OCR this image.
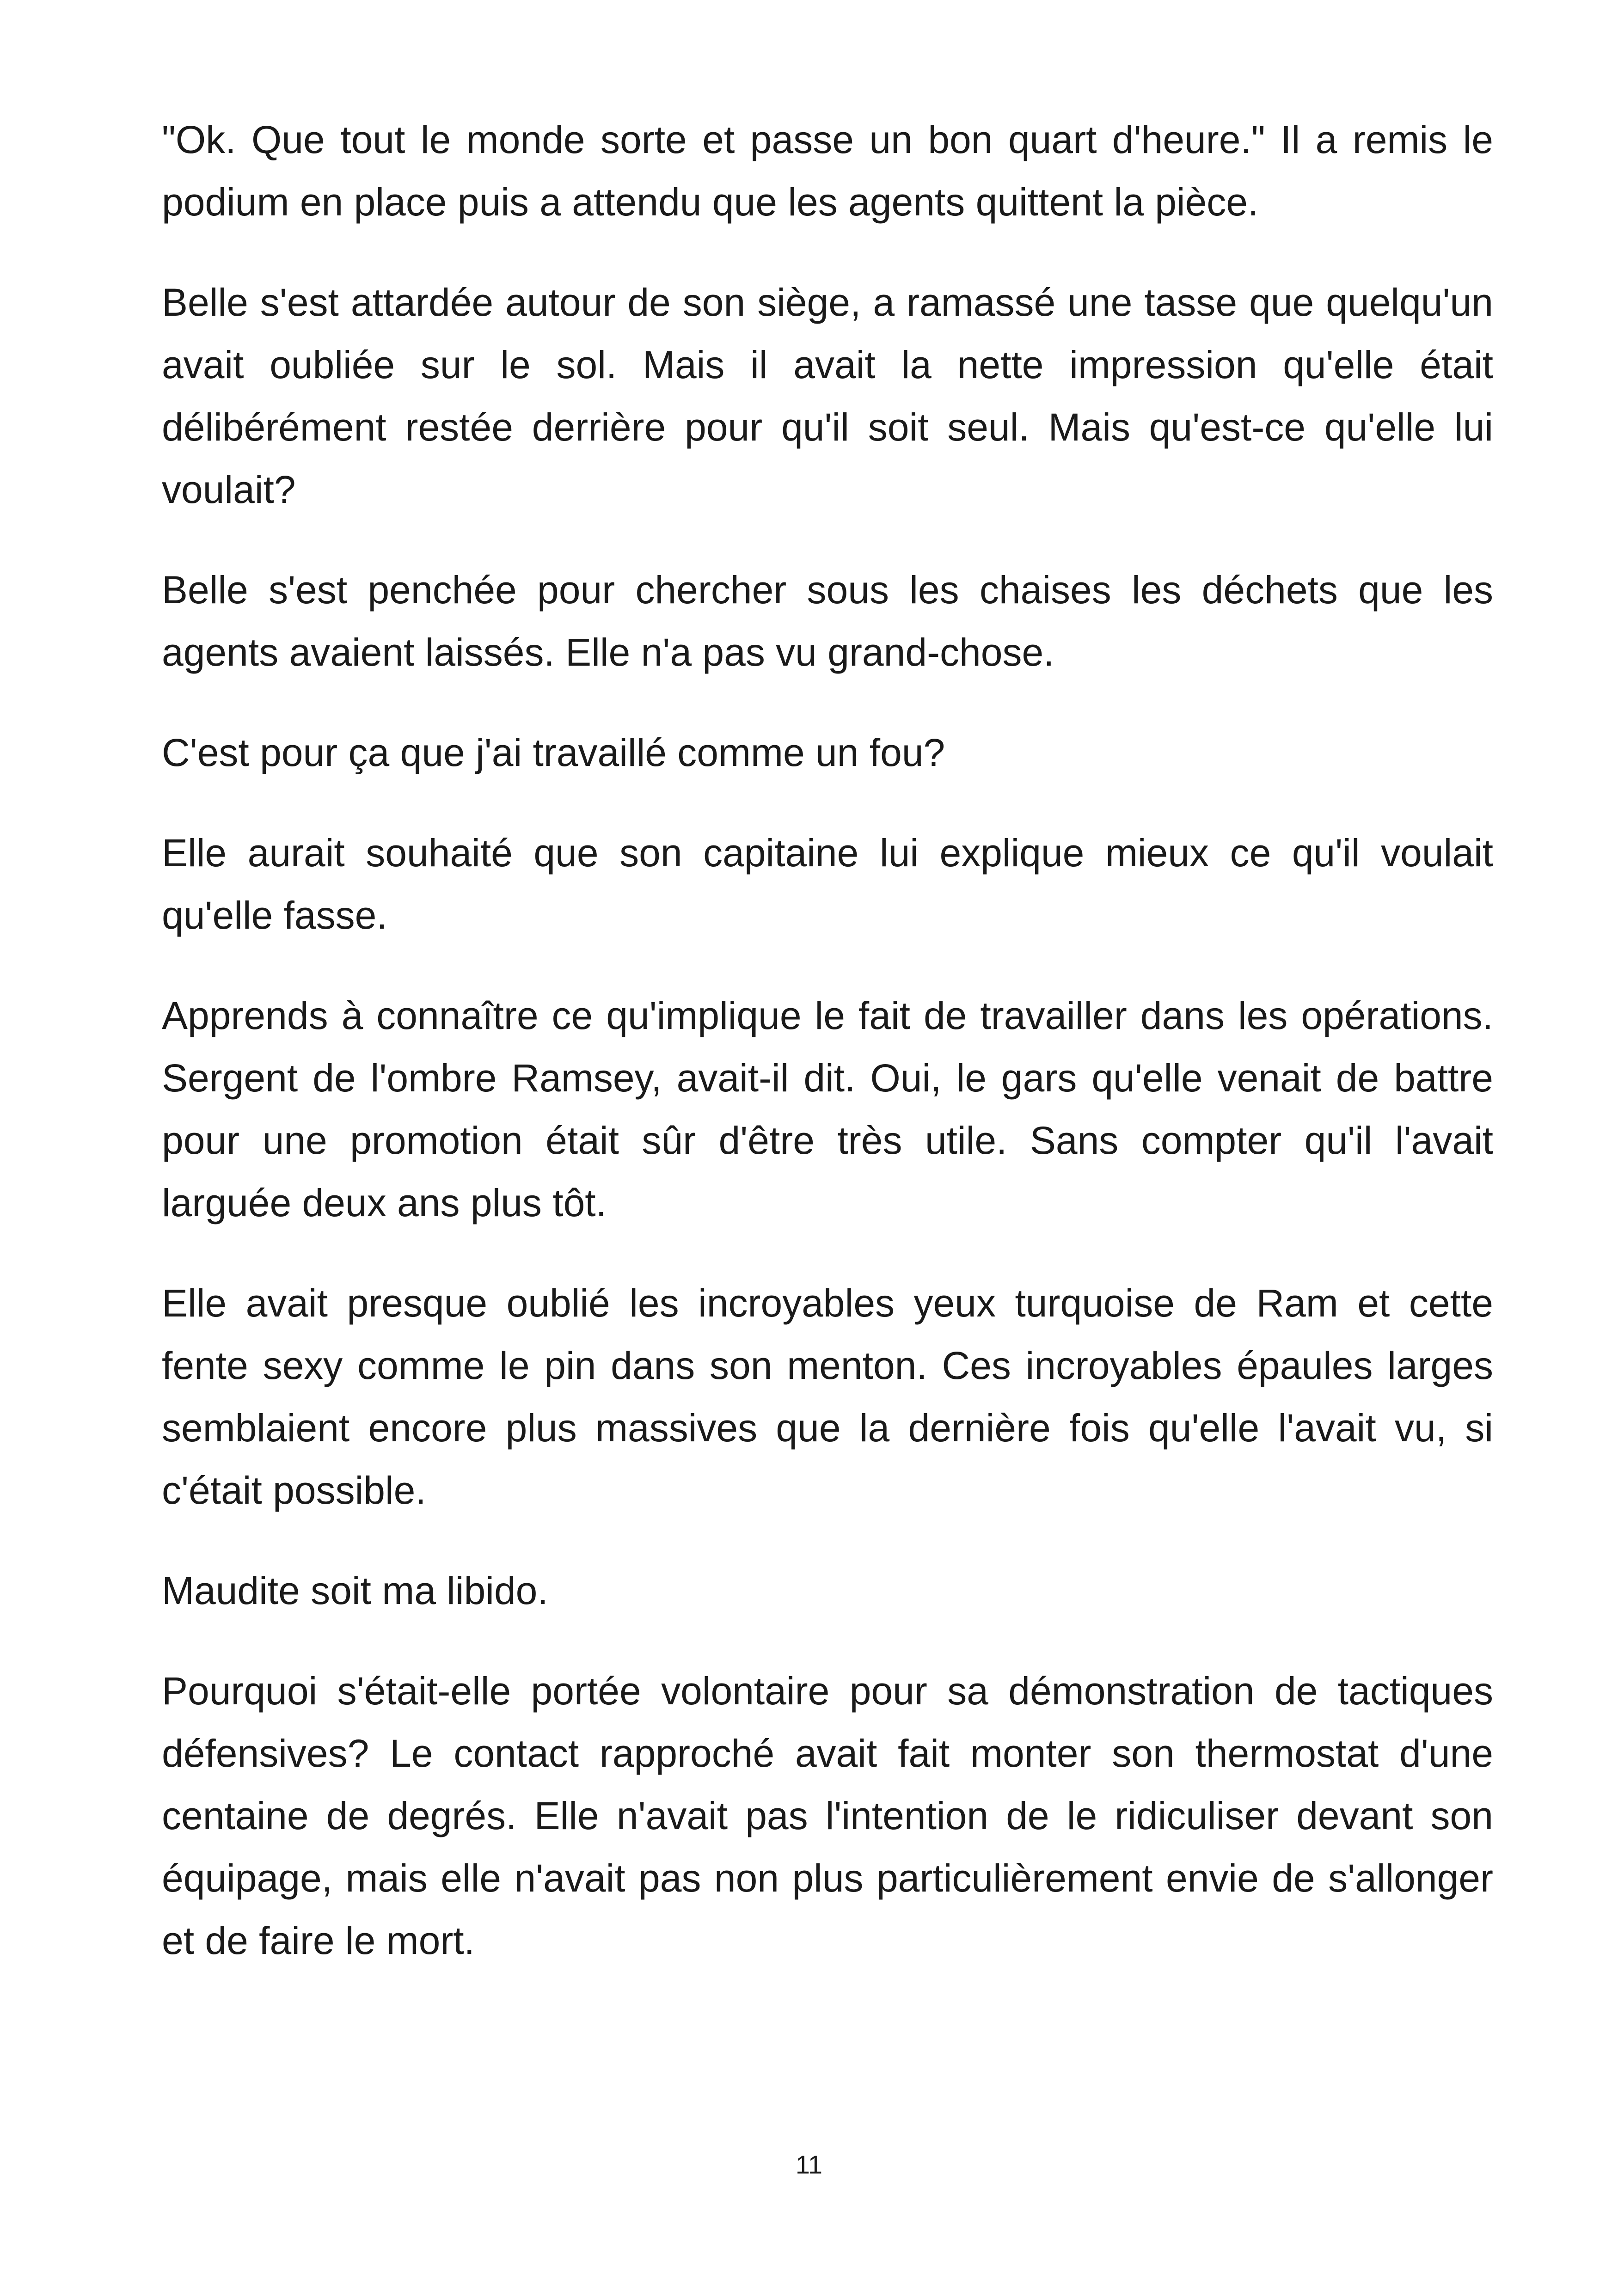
"Ok. Que tout le monde sorte et passe un bon quart d'heure." Il a remis le podium en place puis a attendu que les agents quittent la pièce.

Belle s'est attardée autour de son siège, a ramassé une tasse que quelqu'un avait oubliée sur le sol. Mais il avait la nette impression qu'elle était délibérément restée derrière pour qu'il soit seul. Mais qu'est-ce qu'elle lui voulait?

Belle s'est penchée pour chercher sous les chaises les déchets que les agents avaient laissés. Elle n'a pas vu grand-chose.

C'est pour ça que j'ai travaillé comme un fou?

Elle aurait souhaité que son capitaine lui explique mieux ce qu'il voulait qu'elle fasse.

Apprends à connaître ce qu'implique le fait de travailler dans les opérations. Sergent de l'ombre Ramsey, avait-il dit. Oui, le gars qu'elle venait de battre pour une promotion était sûr d'être très utile. Sans compter qu'il l'avait larguée deux ans plus tôt.

Elle avait presque oublié les incroyables yeux turquoise de Ram et cette fente sexy comme le pin dans son menton. Ces incroyables épaules larges semblaient encore plus massives que la dernière fois qu'elle l'avait vu, si c'était possible.

Maudite soit ma libido.

Pourquoi s'était-elle portée volontaire pour sa démonstration de tactiques défensives? Le contact rapproché avait fait monter son thermostat d'une centaine de degrés. Elle n'avait pas l'intention de le ridiculiser devant son équipage, mais elle n'avait pas non plus particulièrement envie de s'allonger et de faire le mort.

11
